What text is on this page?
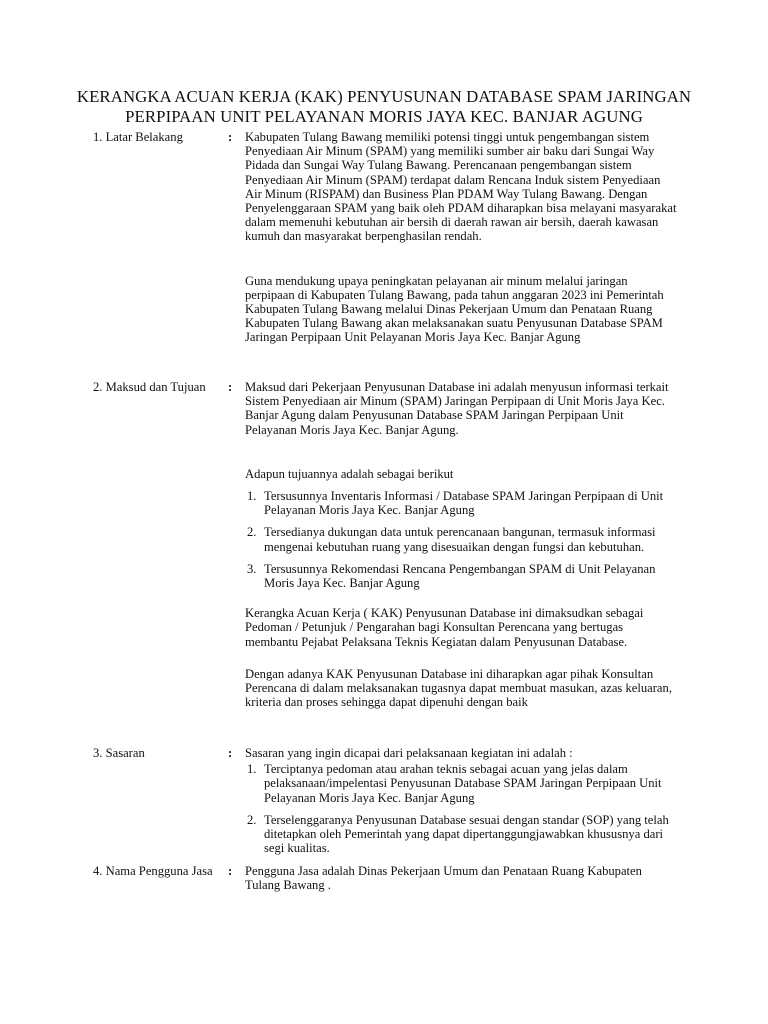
KERANGKA ACUAN KERJA (KAK) PENYUSUNAN DATABASE SPAM JARINGAN
PERPIPAAN UNIT PELAYANAN MORIS JAYA KEC. BANJAR AGUNG
1. Latar Belakang	: Kabupaten Tulang Bawang memiliki potensi tinggi untuk pengembangan sistem Penyediaan Air Minum (SPAM) yang memiliki sumber air baku dari Sungai Way Pidada dan Sungai Way Tulang Bawang. Perencanaan pengembangan sistem Penyediaan Air Minum (SPAM) terdapat dalam Rencana Induk sistem Penyediaan Air Minum (RISPAM) dan Business Plan PDAM Way Tulang Bawang. Dengan Penyelenggaraan SPAM yang baik oleh PDAM diharapkan bisa melayani masyarakat dalam memenuhi kebutuhan air bersih di daerah rawan air bersih, daerah kawasan kumuh dan masyarakat berpenghasilan rendah.

Guna mendukung upaya peningkatan pelayanan air minum melalui jaringan perpipaan di Kabupaten Tulang Bawang, pada tahun anggaran 2023 ini Pemerintah Kabupaten Tulang Bawang melalui Dinas Pekerjaan Umum dan Penataan Ruang Kabupaten Tulang Bawang akan melaksanakan suatu Penyusunan Database SPAM Jaringan Perpipaan Unit Pelayanan Moris Jaya Kec. Banjar Agung

2. Maksud dan Tujuan : Maksud dari Pekerjaan Penyusunan Database ini adalah menyusun informasi terkait Sistem Penyediaan air Minum (SPAM) Jaringan Perpipaan di Unit Moris Jaya Kec. Banjar Agung dalam Penyusunan Database SPAM Jaringan Perpipaan Unit Pelayanan Moris Jaya Kec. Banjar Agung.

Adapun tujuannya adalah sebagai berikut

1. Tersusunnya Inventaris Informasi / Database SPAM Jaringan Perpipaan di Unit Pelayanan Moris Jaya Kec. Banjar Agung
2. Tersedianya dukungan data untuk perencanaan bangunan, termasuk informasi mengenai kebutuhan ruang yang disesuaikan dengan fungsi dan kebutuhan.
3. Tersusunnya Rekomendasi Rencana Pengembangan SPAM di Unit Pelayanan Moris Jaya Kec. Banjar Agung

Kerangka Acuan Kerja ( KAK) Penyusunan Database ini dimaksudkan sebagai Pedoman / Petunjuk / Pengarahan bagi Konsultan Perencana yang bertugas membantu Pejabat Pelaksana Teknis Kegiatan dalam Penyusunan Database.

Dengan adanya KAK Penyusunan Database ini diharapkan agar pihak Konsultan Perencana di dalam melaksanakan tugasnya dapat membuat masukan, azas keluaran, kriteria dan proses sehingga dapat dipenuhi dengan baik

3. Sasaran	: Sasaran yang ingin dicapai dari pelaksanaan kegiatan ini adalah :

1. Terciptanya pedoman atau arahan teknis sebagai acuan yang jelas dalam pelaksanaan/impelentasi Penyusunan Database SPAM Jaringan Perpipaan Unit Pelayanan Moris Jaya Kec. Banjar Agung
2. Terselenggaranya Penyusunan Database sesuai dengan standar (SOP) yang telah ditetapkan oleh Pemerintah yang dapat dipertanggungjawabkan khususnya dari segi kualitas.
4. Nama Pengguna Jasa : Pengguna Jasa adalah Dinas Pekerjaan Umum dan Penataan Ruang Kabupaten Tulang Bawang .
